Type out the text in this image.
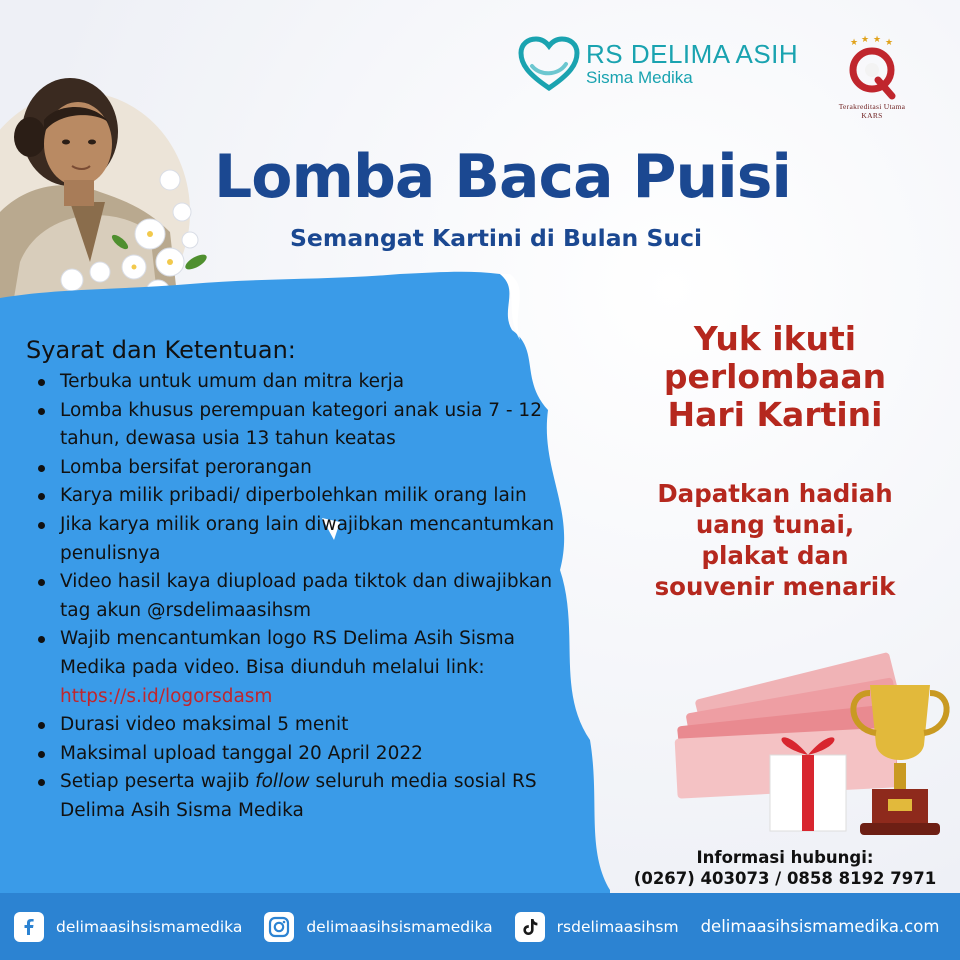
RS DELIMA ASIH
Sisma Medika
★ ★ ★ ★
Terakreditasi Utama KARS
Lomba Baca Puisi
Semangat Kartini di Bulan Suci
Syarat dan Ketentuan:
Terbuka untuk umum dan mitra kerja
Lomba khusus perempuan kategori anak usia 7 - 12 tahun, dewasa usia 13 tahun keatas
Lomba bersifat perorangan
Karya milik pribadi/ diperbolehkan milik orang lain
Jika karya milik orang lain diwajibkan mencantumkan penulisnya
Video hasil kaya diupload pada tiktok dan diwajibkan tag akun @rsdelimaasihsm
Wajib mencantumkan logo RS Delima Asih Sisma Medika pada video. Bisa diunduh melalui link: https://s.id/logorsdasm
Durasi video maksimal 5 menit
Maksimal upload tanggal 20 April 2022
Setiap peserta wajib follow seluruh media sosial RS Delima Asih Sisma Medika
Yuk ikuti
perlombaan
Hari Kartini
Dapatkan hadiah
uang tunai,
plakat dan
souvenir menarik
Informasi hubungi:
(0267) 403073 / 0858 8192 7971
delimaasihsismamedika	delimaasihsismamedika	rsdelimaasihsm delimaasihsismamedika.com
